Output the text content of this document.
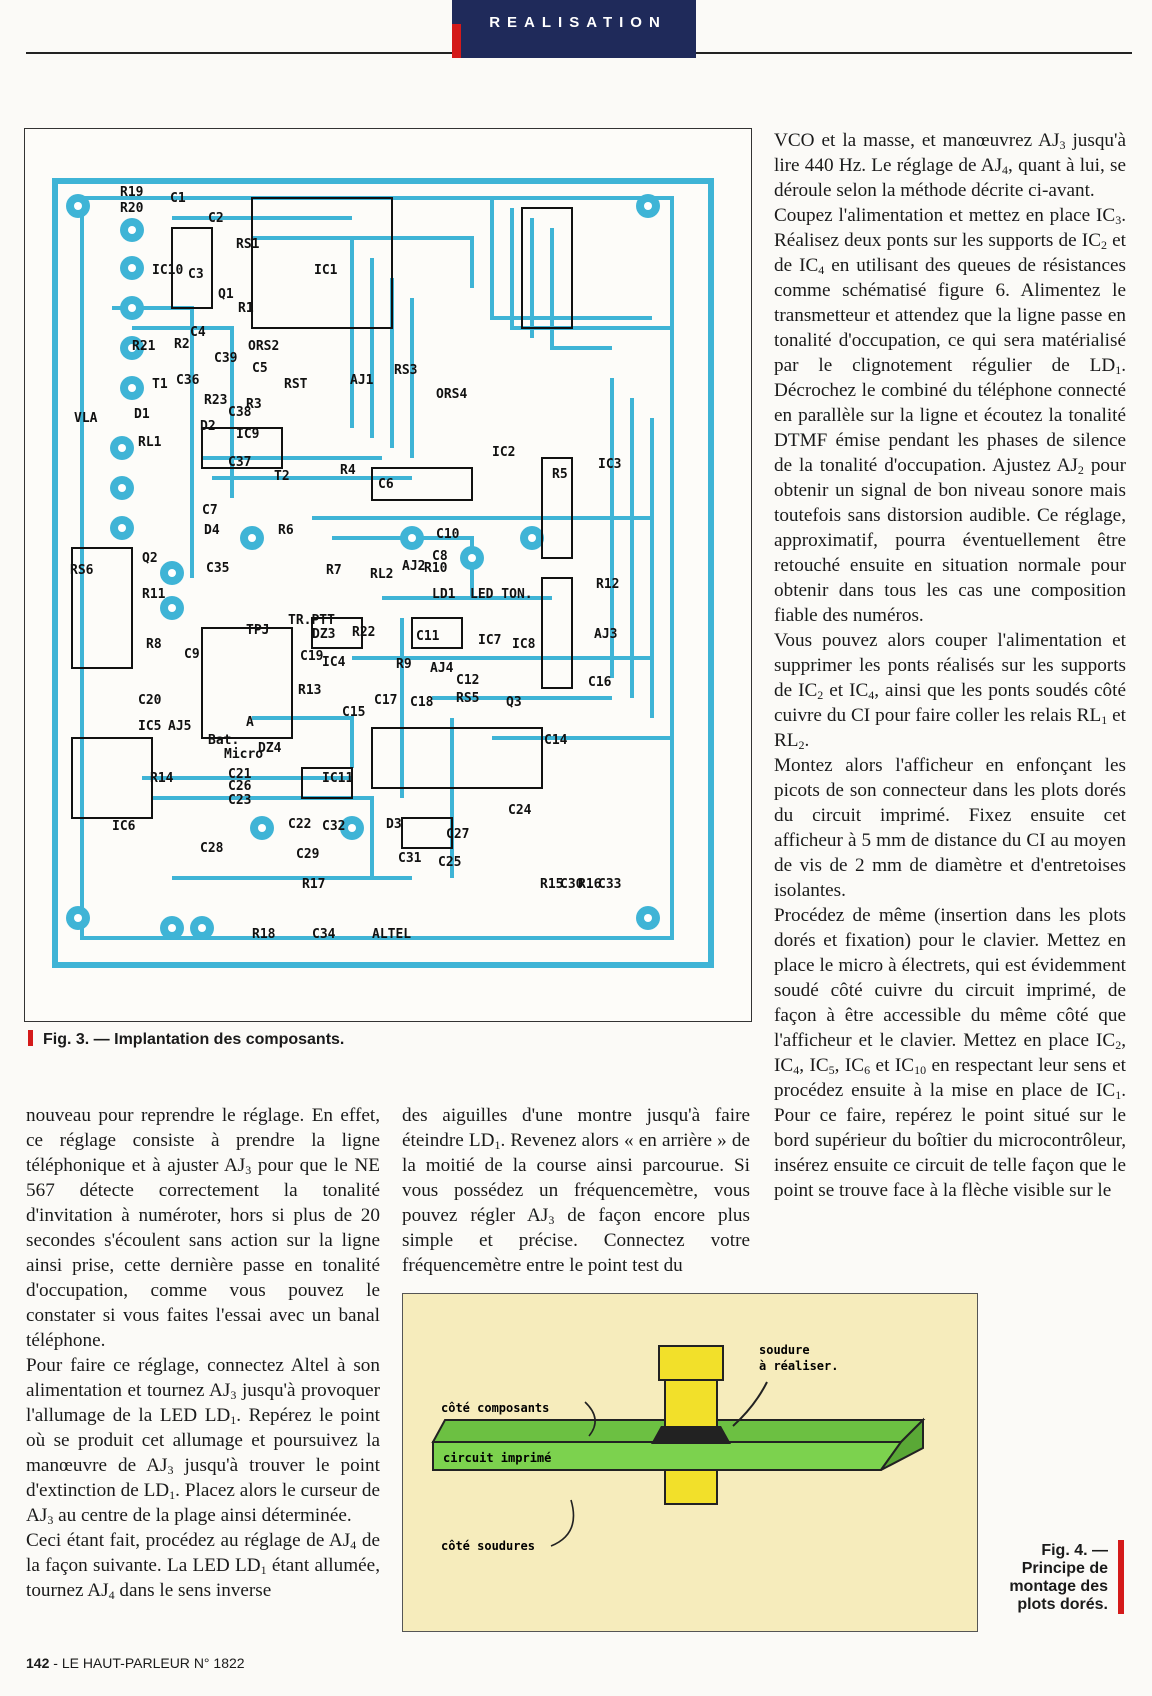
REALISATION
R19
R20
C1
C2
RS1
IC10 C3
Q1
IC1
R1
R21 R2
C4
ORS2
RS3
C36
C39
C5
T1
R23
C38
R3
RST	AJ1
ORS4
D1
VLA
RL1
D2
IC9
C37
T2	R4
C6
IC2
R5
IC3
C7
R6
D4	C10
C8
RS6
Q2
C35	R7 RL2
AJ2
R10
LD1 LED TON.
R11
R12
R8
C9
TPJ
TR.PTT
DZ3 R22	C11	IC7 IC8
AJ3
C19
IC4
R13
R9 AJ4
C12
RS5
C16
C17 C18	Q3
C14
C15
C20
IC5 AJ5	A
Bat.
Micro
DZ4
R14	C21
C26
IC11
C23
C24
IC6	C22 C32	D3
C27
C28	C29	C31 C25
R15
C30
R16
C33
R17
R18	C34	ALTEL
Fig. 3. — Implantation des composants.

nouveau pour reprendre le réglage. En effet, ce réglage consiste à prendre la ligne téléphonique et à ajuster $AJ_3$ pour que le NE 567 détecte correctement la tonalité d'invitation à numéroter, hors si plus de 20 secondes s'écoulent sans action sur la ligne ainsi prise, cette dernière passe en tonalité d'occupation, comme vous pouvez le constater si vous faites l'essai avec un banal téléphone.

Pour faire ce réglage, connectez Altel à son alimentation et tournez $AJ_3$ jusqu'à provoquer l'allumage de la LED $LD_1$. Repérez le point où se produit cet allumage et poursuivez la manœuvre de $AJ_3$ jusqu'à trouver le point d'extinction de $LD_1$. Placez alors le curseur de $AJ_3$ au centre de la plage ainsi déterminée.

Ceci étant fait, procédez au réglage de $AJ_4$ de la façon suivante. La LED $LD_1$ étant allumée, tournez $AJ_4$ dans le sens inverse

des aiguilles d'une montre jusqu'à faire éteindre $LD_1$. Revenez alors « en arrière » de la moitié de la course ainsi parcourue. Si vous possédez un fréquencemètre, vous pouvez régler $AJ_3$ de façon encore plus simple et précise. Connectez votre fréquencemètre entre le point test du

VCO et la masse, et manœuvrez $AJ_3$ jusqu'à lire 440 Hz. Le réglage de $AJ_4$, quant à lui, se déroule selon la méthode décrite ci-avant.

Coupez l'alimentation et mettez en place $IC_3$. Réalisez deux ponts sur les supports de $IC_2$ et de $IC_4$ en utilisant des queues de résistances comme schématisé figure 6. Alimentez le transmetteur et attendez que la ligne passe en tonalité d'occupation, ce qui sera matérialisé par le clignotement régulier de $LD_1$. Décrochez le combiné du téléphone connecté en parallèle sur la ligne et écoutez la tonalité DTMF émise pendant les phases de silence de la tonalité d'occupation. Ajustez $AJ_2$ pour obtenir un signal de bon niveau sonore mais toutefois sans distorsion audible. Ce réglage, approximatif, pourra éventuellement être retouché ensuite en situation normale pour obtenir dans tous les cas une composition fiable des numéros.

Vous pouvez alors couper l'alimentation et supprimer les ponts réalisés sur les supports de $IC_2$ et $IC_4$, ainsi que les ponts soudés côté cuivre du CI pour faire coller les relais $RL_1$ et $RL_2$.

Montez alors l'afficheur en enfonçant les picots de son connecteur dans les plots dorés du circuit imprimé. Fixez ensuite cet afficheur à 5 mm de distance du CI au moyen de vis de 2 mm de diamètre et d'entretoises isolantes.

Procédez de même (insertion dans les plots dorés et fixation) pour le clavier. Mettez en place le micro à électrets, qui est évidemment soudé côté cuivre du circuit imprimé, de façon à être accessible du même côté que l'afficheur et le clavier. Mettez en place $IC_2$, $IC_4$, $IC_5$, $IC_6$ et $IC_{10}$ en respectant leur sens et procédez ensuite à la mise en place de $IC_1$. Pour ce faire, repérez le point situé sur le bord supérieur du boîtier du microcontrôleur, insérez ensuite ce circuit de telle façon que le point se trouve face à la flèche visible sur le

soudure
à réaliser.
côté composants
circuit imprimé
côté soudures	Fig. 4. —
Principe de
montage des
plots dorés.
142 - LE HAUT-PARLEUR N° 1822
